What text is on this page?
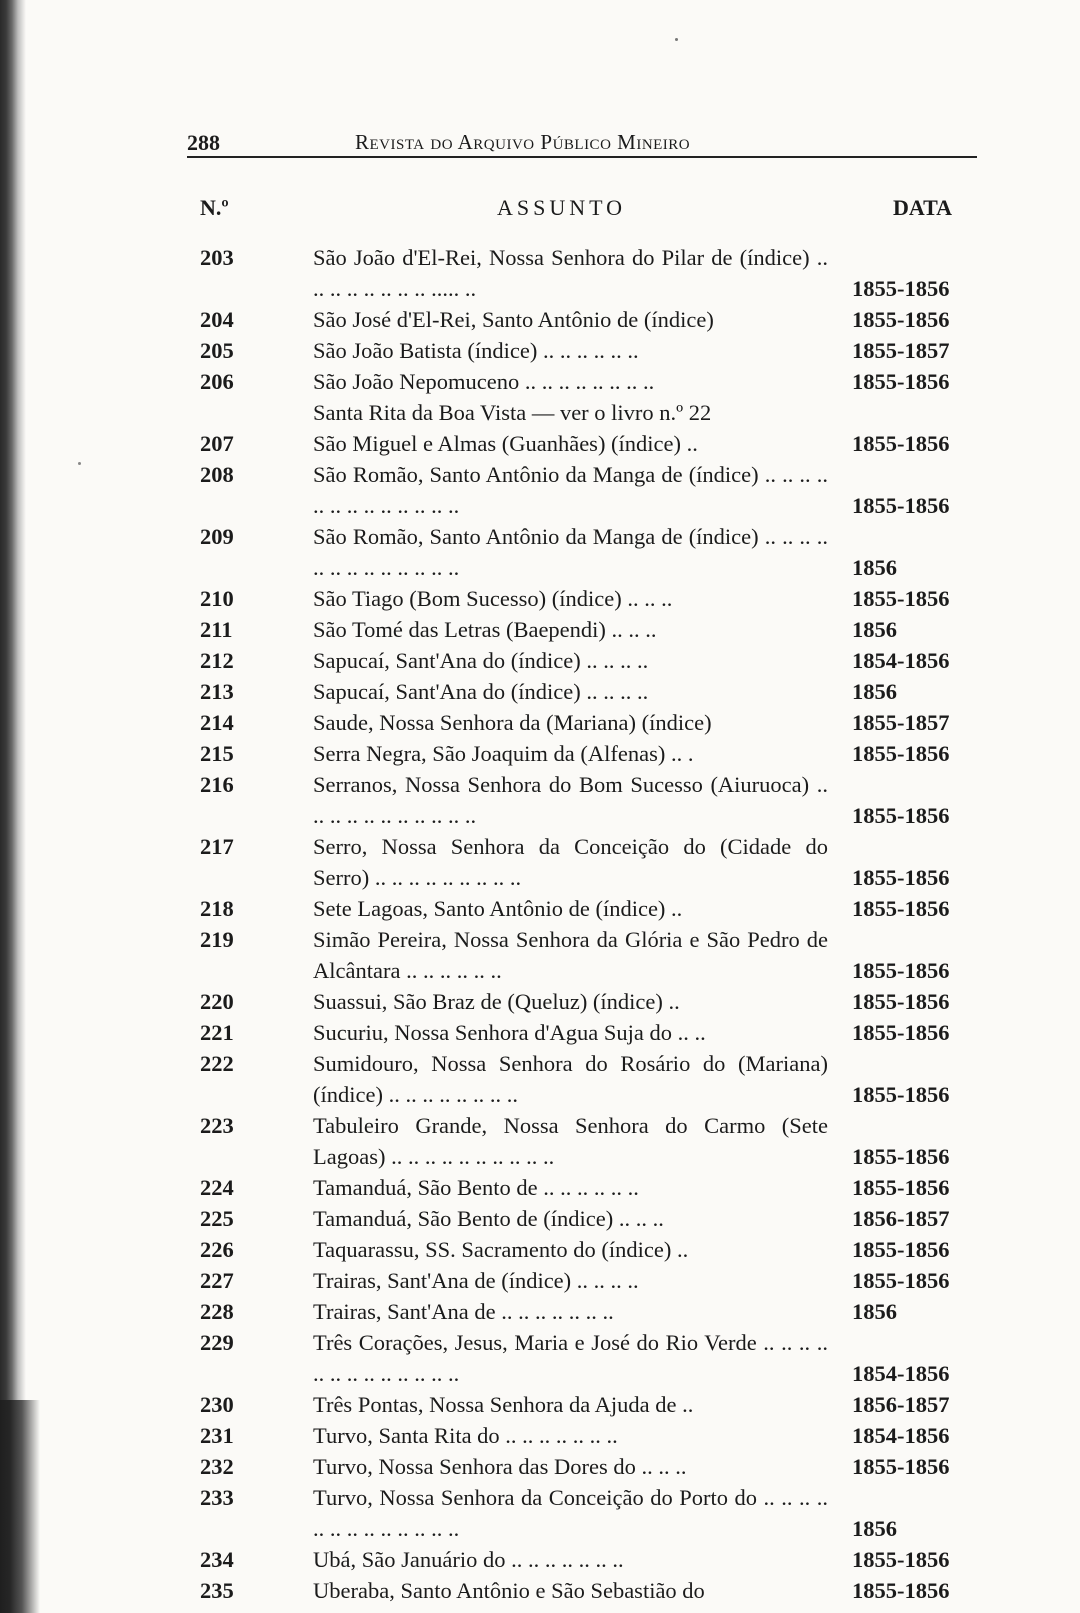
288	Revista do Arquivo Público Mineiro
N.º	ASSUNTO	DATA
203	São João d'El-Rei, Nossa Senhora do Pilar de (índice) .. .. .. .. .. .. .. .. ..... ..	1855-1856
204	São José d'El-Rei, Santo Antônio de (índice)	1855-1856
205	São João Batista (índice) .. .. .. .. .. ..	1855-1857
206	São João Nepomuceno .. .. .. .. .. .. .. ..	1855-1856
Santa Rita da Boa Vista — ver o livro n.º 22
207	São Miguel e Almas (Guanhães) (índice) ..	1855-1856
208	São Romão, Santo Antônio da Manga de (índice) .. .. .. .. .. .. .. .. .. .. .. .. ..	1855-1856
209	São Romão, Santo Antônio da Manga de (índice) .. .. .. .. .. .. .. .. .. .. .. .. ..	1856
210	São Tiago (Bom Sucesso) (índice) .. .. ..	1855-1856
211	São Tomé das Letras (Baependi) .. .. ..	1856
212	Sapucaí, Sant'Ana do (índice) .. .. .. ..	1854-1856
213	Sapucaí, Sant'Ana do (índice) .. .. .. ..	1856
214	Saude, Nossa Senhora da (Mariana) (índice)	1855-1857
215	Serra Negra, São Joaquim da (Alfenas) .. .	1855-1856
216	Serranos, Nossa Senhora do Bom Sucesso (Aiuruoca) .. .. .. .. .. .. .. .. .. .. ..	1855-1856
217	Serro, Nossa Senhora da Conceição do (Cidade do Serro) .. .. .. .. .. .. .. .. ..	1855-1856
218	Sete Lagoas, Santo Antônio de (índice) ..	1855-1856
219	Simão Pereira, Nossa Senhora da Glória e São Pedro de Alcântara .. .. .. .. .. ..	1855-1856
220	Suassui, São Braz de (Queluz) (índice) ..	1855-1856
221	Sucuriu, Nossa Senhora d'Agua Suja do .. ..	1855-1856
222	Sumidouro, Nossa Senhora do Rosário do (Mariana) (índice) .. .. .. .. .. .. .. ..	1855-1856
223	Tabuleiro Grande, Nossa Senhora do Carmo (Sete Lagoas) .. .. .. .. .. .. .. .. .. ..	1855-1856
224	Tamanduá, São Bento de .. .. .. .. .. ..	1855-1856
225	Tamanduá, São Bento de (índice) .. .. ..	1856-1857
226	Taquarassu, SS. Sacramento do (índice) ..	1855-1856
227	Trairas, Sant'Ana de (índice) .. .. .. ..	1855-1856
228	Trairas, Sant'Ana de .. .. .. .. .. .. ..	1856
229	Três Corações, Jesus, Maria e José do Rio Verde .. .. .. .. .. .. .. .. .. .. .. .. ..	1854-1856
230	Três Pontas, Nossa Senhora da Ajuda de ..	1856-1857
231	Turvo, Santa Rita do .. .. .. .. .. .. ..	1854-1856
232	Turvo, Nossa Senhora das Dores do .. .. ..	1855-1856
233	Turvo, Nossa Senhora da Conceição do Porto do .. .. .. .. .. .. .. .. .. .. .. .. ..	1856
234	Ubá, São Januário do .. .. .. .. .. .. ..	1855-1856
235	Uberaba, Santo Antônio e São Sebastião do	1855-1856
